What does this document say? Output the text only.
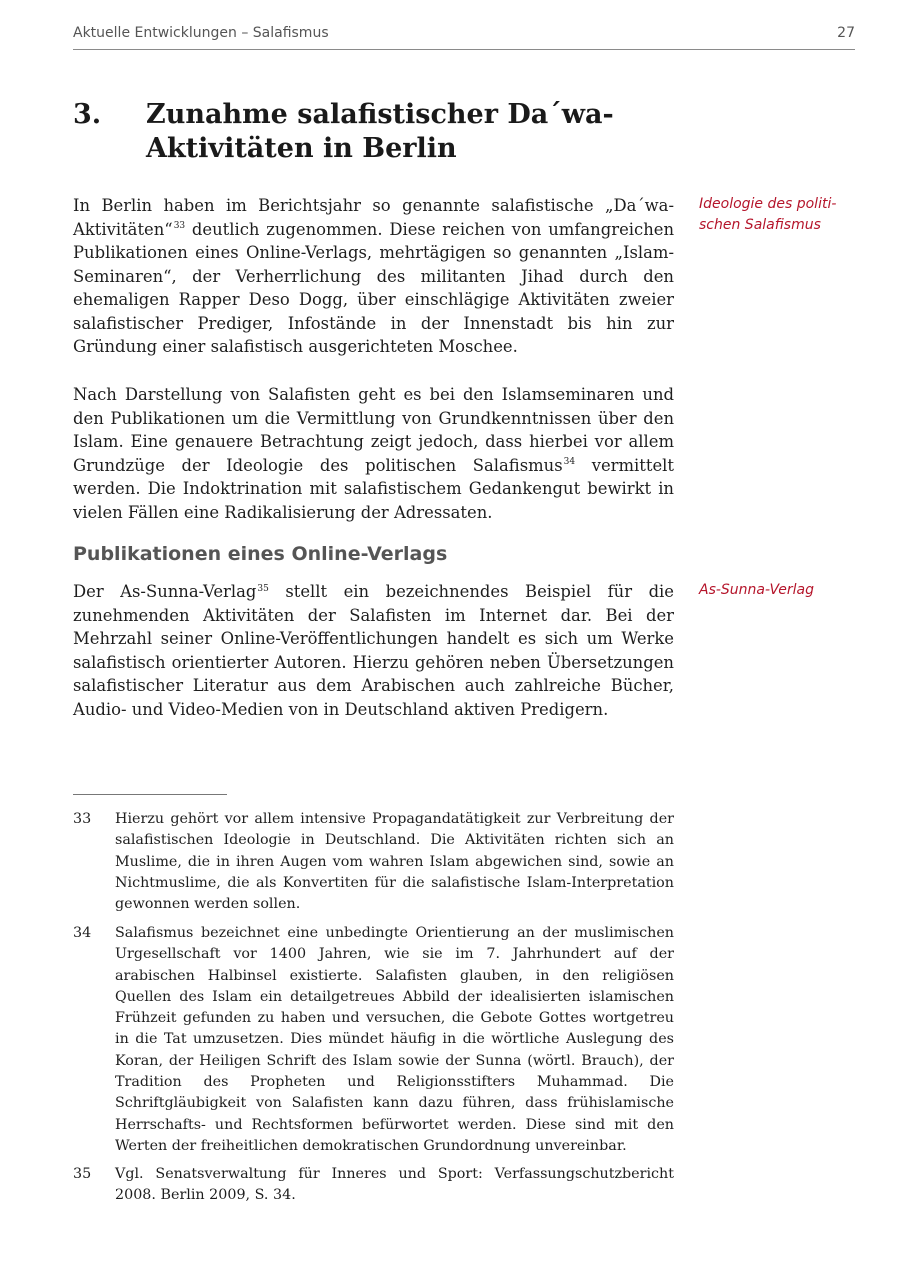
Aktuelle Entwicklungen – Salafismus	27
3. Zunahme salafistischer Da´wa-
Aktivitäten in Berlin

In Berlin haben im Berichtsjahr so genannte salafistische „Da´wa-Aktivitäten“$^{33}$ deutlich zugenommen. Diese reichen von umfangreichen Publikationen eines Online-Verlags, mehrtägigen so genannten „Islam-Seminaren“, der Verherrlichung des militanten Jihad durch den ehemaligen Rapper Deso Dogg, über einschlägige Aktivitäten zweier salafistischer Prediger, Infostände in der Innenstadt bis hin zur Gründung einer salafistisch ausgerichteten Moschee.

Nach Darstellung von Salafisten geht es bei den Islamseminaren und den Publikationen um die Vermittlung von Grundkenntnissen über den Islam. Eine genauere Betrachtung zeigt jedoch, dass hierbei vor allem Grundzüge der Ideologie des politischen Salafismus$^{34}$ vermittelt werden. Die Indoktrination mit salafistischem Gedankengut bewirkt in vielen Fällen eine Radikalisierung der Adressaten.

Publikationen eines Online-Verlags

Der As-Sunna-Verlag$^{35}$ stellt ein bezeichnendes Beispiel für die zunehmenden Aktivitäten der Salafisten im Internet dar. Bei der Mehrzahl seiner Online-Veröffentlichungen handelt es sich um Werke salafistisch orientierter Autoren. Hierzu gehören neben Übersetzungen salafistischer Literatur aus dem Arabischen auch zahlreiche Bücher, Audio- und Video-Medien von in Deutschland aktiven Predigern.

Ideologie des politi-
schen Salafismus
As-Sunna-Verlag
33 Hierzu gehört vor allem intensive Propagandatätigkeit zur Verbreitung der salafistischen Ideologie in Deutschland. Die Aktivitäten richten sich an Muslime, die in ihren Augen vom wahren Islam abgewichen sind, sowie an Nichtmuslime, die als Konvertiten für die salafistische Islam-Interpretation gewonnen werden sollen.
34 Salafismus bezeichnet eine unbedingte Orientierung an der muslimischen Urgesellschaft vor 1400 Jahren, wie sie im 7. Jahrhundert auf der arabischen Halbinsel existierte. Salafisten glauben, in den religiösen Quellen des Islam ein detailgetreues Abbild der idealisierten islamischen Frühzeit gefunden zu haben und versuchen, die Gebote Gottes wortgetreu in die Tat umzusetzen. Dies mündet häufig in die wörtliche Auslegung des Koran, der Heiligen Schrift des Islam sowie der Sunna (wörtl. Brauch), der Tradition des Propheten und Religionsstifters Muhammad. Die Schriftgläubigkeit von Salafisten kann dazu führen, dass frühislamische Herrschafts- und Rechtsformen befürwortet werden. Diese sind mit den Werten der freiheitlichen demokratischen Grundordnung unvereinbar.
35 Vgl. Senatsverwaltung für Inneres und Sport: Verfassungschutzbericht 2008. Berlin 2009, S. 34.
